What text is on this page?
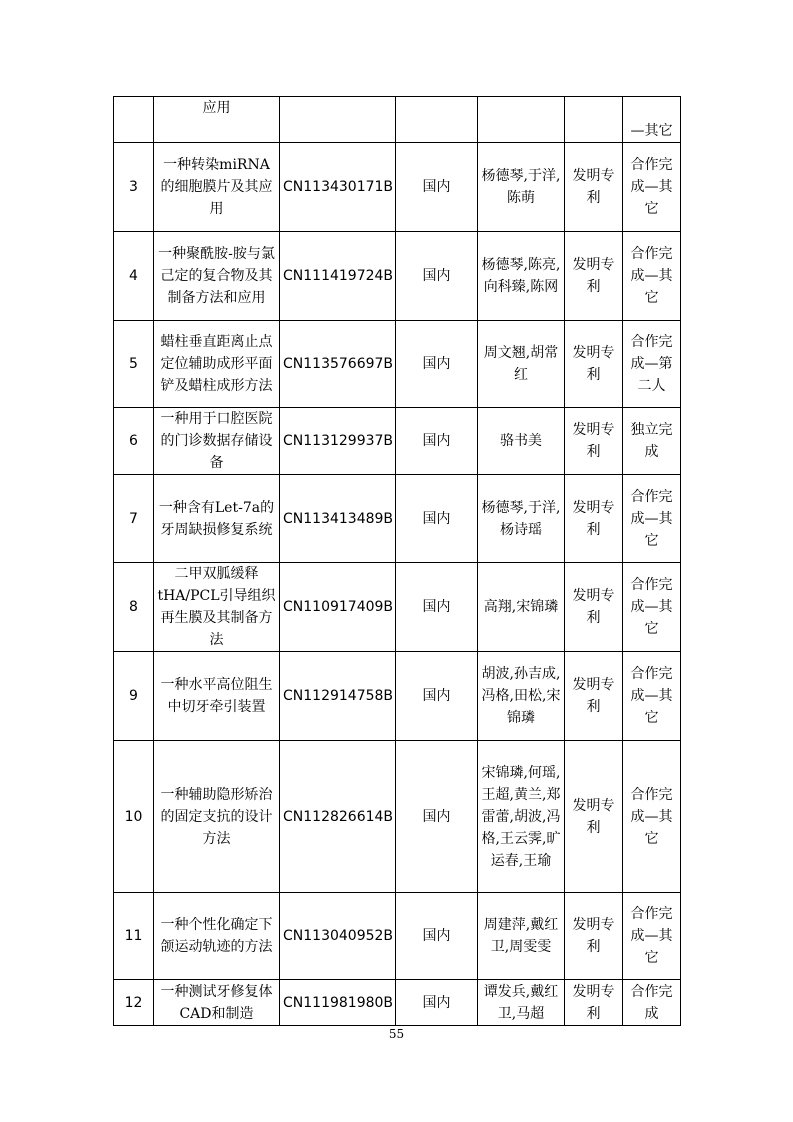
	应用					—其它
3	一种转染miRNA的细胞膜片及其应用	CN113430171B	国内	杨德琴,于洋,陈萌	发明专利	合作完成—其它
4	一种聚酰胺-胺与氯己定的复合物及其制备方法和应用	CN111419724B	国内	杨德琴,陈亮,向科臻,陈网	发明专利	合作完成—其它
5	蜡柱垂直距离止点定位辅助成形平面铲及蜡柱成形方法	CN113576697B	国内	周文翘,胡常红	发明专利	合作完成—第二人
6	一种用于口腔医院的门诊数据存储设备	CN113129937B	国内	骆书美	发明专利	独立完成
7	一种含有Let-7a的牙周缺损修复系统	CN113413489B	国内	杨德琴,于洋,杨诗瑶	发明专利	合作完成—其它
8	二甲双胍缓释tHA/PCL引导组织再生膜及其制备方法	CN110917409B	国内	高翔,宋锦璘	发明专利	合作完成—其它
9	一种水平高位阻生中切牙牵引装置	CN112914758B	国内	胡波,孙吉成,冯格,田松,宋锦璘	发明专利	合作完成—其它
10	一种辅助隐形矫治的固定支抗的设计方法	CN112826614B	国内	宋锦璘,何瑶,王超,黄兰,郑雷蕾,胡波,冯格,王云霁,旷运春,王瑜	发明专利	合作完成—其它
11	一种个性化确定下颌运动轨迹的方法	CN113040952B	国内	周建萍,戴红卫,周雯雯	发明专利	合作完成—其它
12	一种测试牙修复体CAD和制造	CN111981980B	国内	谭发兵,戴红卫,马超	发明专利	合作完成
55
